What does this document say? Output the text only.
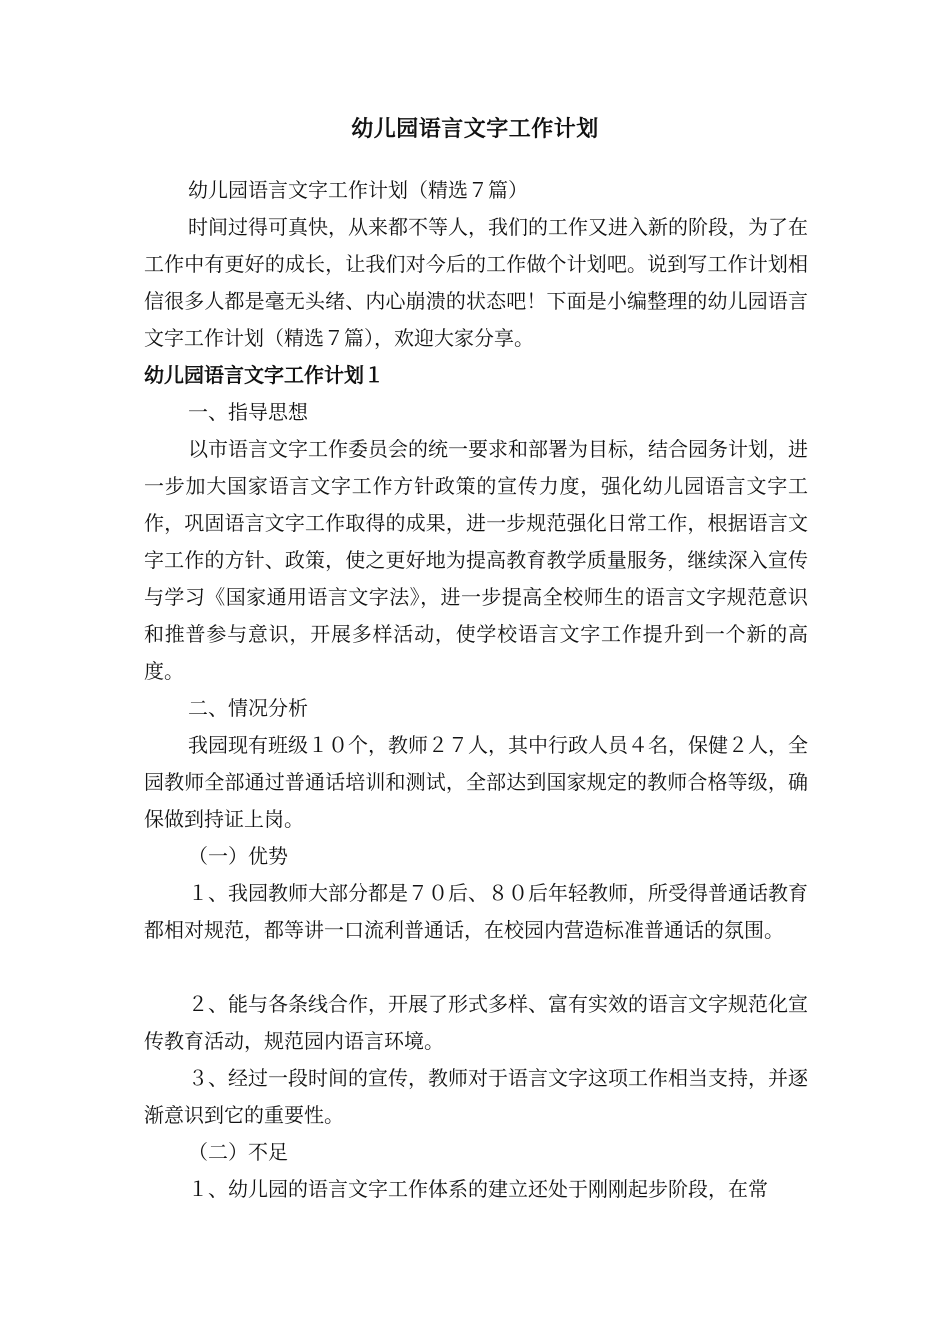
幼儿园语言文字工作计划
幼儿园语言文字工作计划（精选７篇）
时间过得可真快，从来都不等人，我们的工作又进入新的阶段，为了在工作中有更好的成长，让我们对今后的工作做个计划吧。说到写工作计划相信很多人都是毫无头绪、内心崩溃的状态吧！下面是小编整理的幼儿园语言文字工作计划（精选７篇），欢迎大家分享。
幼儿园语言文字工作计划１
一、指导思想
以市语言文字工作委员会的统一要求和部署为目标，结合园务计划，进一步加大国家语言文字工作方针政策的宣传力度，强化幼儿园语言文字工作，巩固语言文字工作取得的成果，进一步规范强化日常工作，根据语言文字工作的方针、政策，使之更好地为提高教育教学质量服务，继续深入宣传与学习《国家通用语言文字法》，进一步提高全校师生的语言文字规范意识和推普参与意识，开展多样活动，使学校语言文字工作提升到一个新的高度。
二、情况分析
我园现有班级１０个，教师２７人，其中行政人员４名，保健２人，全园教师全部通过普通话培训和测试，全部达到国家规定的教师合格等级，确保做到持证上岗。
（一）优势
１、我园教师大部分都是７０后、８０后年轻教师，所受得普通话教育都相对规范，都等讲一口流利普通话，在校园内营造标准普通话的氛围。
２、能与各条线合作，开展了形式多样、富有实效的语言文字规范化宣传教育活动，规范园内语言环境。
３、经过一段时间的宣传，教师对于语言文字这项工作相当支持，并逐渐意识到它的重要性。
（二）不足
１、幼儿园的语言文字工作体系的建立还处于刚刚起步阶段，在常
